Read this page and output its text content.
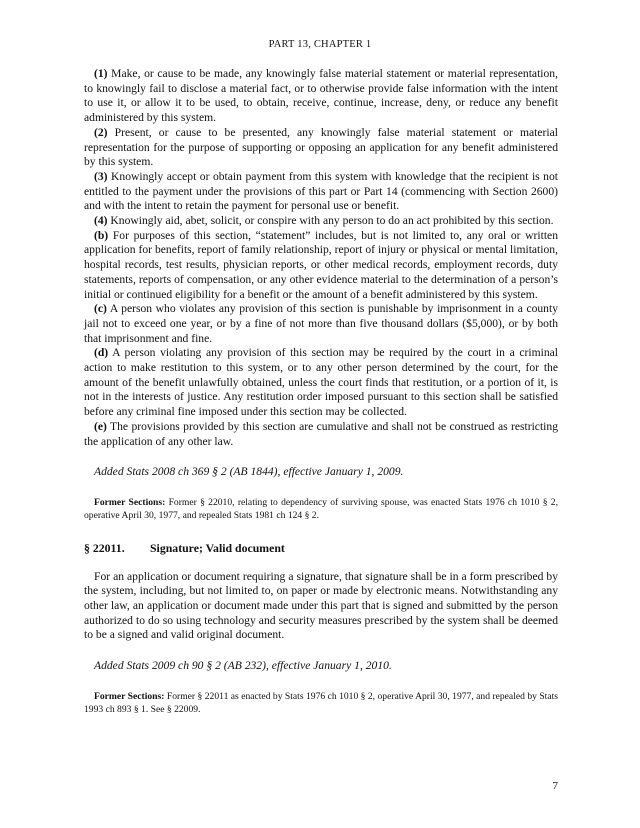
PART 13, CHAPTER 1

(1) Make, or cause to be made, any knowingly false material statement or material representation, to knowingly fail to disclose a material fact, or to otherwise provide false information with the intent to use it, or allow it to be used, to obtain, receive, continue, increase, deny, or reduce any benefit administered by this system.

(2) Present, or cause to be presented, any knowingly false material statement or material representation for the purpose of supporting or opposing an application for any benefit administered by this system.

(3) Knowingly accept or obtain payment from this system with knowledge that the recipient is not entitled to the payment under the provisions of this part or Part 14 (commencing with Section 2600) and with the intent to retain the payment for personal use or benefit.

(4) Knowingly aid, abet, solicit, or conspire with any person to do an act prohibited by this section.

(b) For purposes of this section, “statement” includes, but is not limited to, any oral or written application for benefits, report of family relationship, report of injury or physical or mental limitation, hospital records, test results, physician reports, or other medical records, employment records, duty statements, reports of compensation, or any other evidence material to the determination of a person’s initial or continued eligibility for a benefit or the amount of a benefit administered by this system.

(c) A person who violates any provision of this section is punishable by imprisonment in a county jail not to exceed one year, or by a fine of not more than five thousand dollars ($5,000), or by both that imprisonment and fine.

(d) A person violating any provision of this section may be required by the court in a criminal action to make restitution to this system, or to any other person determined by the court, for the amount of the benefit unlawfully obtained, unless the court finds that restitution, or a portion of it, is not in the interests of justice. Any restitution order imposed pursuant to this section shall be satisfied before any criminal fine imposed under this section may be collected.

(e) The provisions provided by this section are cumulative and shall not be construed as restricting the application of any other law.

Added Stats 2008 ch 369 § 2 (AB 1844), effective January 1, 2009.

Former Sections: Former § 22010, relating to dependency of surviving spouse, was enacted Stats 1976 ch 1010 § 2, operative April 30, 1977, and repealed Stats 1981 ch 124 § 2.

§ 22011. Signature; Valid document

For an application or document requiring a signature, that signature shall be in a form prescribed by the system, including, but not limited to, on paper or made by electronic means. Notwithstanding any other law, an application or document made under this part that is signed and submitted by the person authorized to do so using technology and security measures prescribed by the system shall be deemed to be a signed and valid original document.

Added Stats 2009 ch 90 § 2 (AB 232), effective January 1, 2010.

Former Sections: Former § 22011 as enacted by Stats 1976 ch 1010 § 2, operative April 30, 1977, and repealed by Stats 1993 ch 893 § 1. See § 22009.

7
